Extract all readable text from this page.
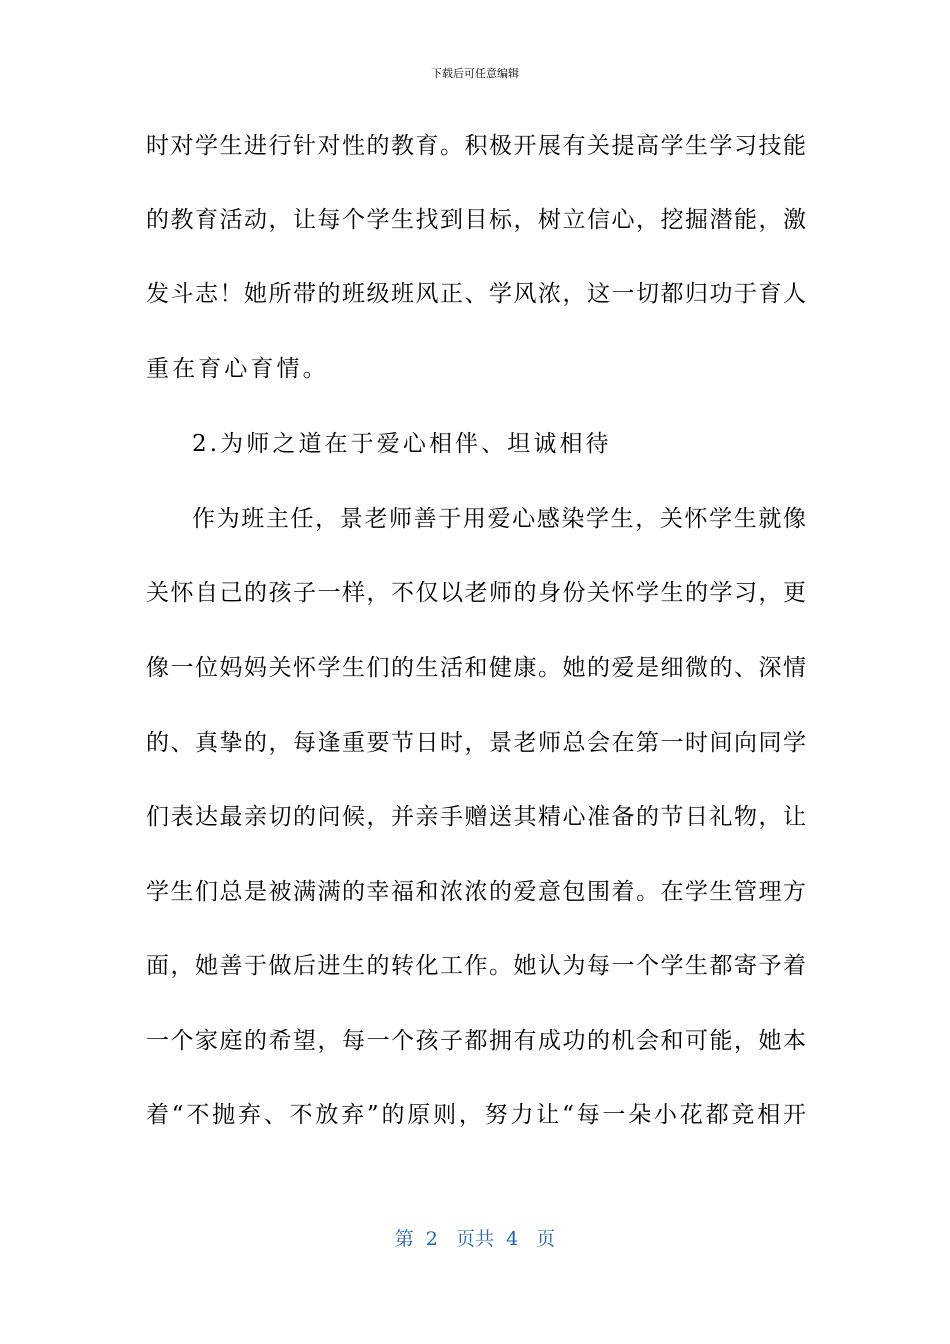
下载后可任意编辑
时对学生进行针对性的教育。积极开展有关提高学生学习技能
的教育活动，让每个学生找到目标，树立信心，挖掘潜能，激
发斗志！她所带的班级班风正、学风浓，这一切都归功于育人
重在育心育情。
2.为师之道在于爱心相伴、坦诚相待
作为班主任，景老师善于用爱心感染学生，关怀学生就像
关怀自己的孩子一样，不仅以老师的身份关怀学生的学习，更
像一位妈妈关怀学生们的生活和健康。她的爱是细微的、深情
的、真挚的，每逢重要节日时，景老师总会在第一时间向同学
们表达最亲切的问候，并亲手赠送其精心准备的节日礼物，让
学生们总是被满满的幸福和浓浓的爱意包围着。在学生管理方
面，她善于做后进生的转化工作。她认为每一个学生都寄予着
一个家庭的希望，每一个孩子都拥有成功的机会和可能，她本
着“不抛弃、不放弃”的原则，努力让“每一朵小花都竞相开
第  2   页共  4   页
